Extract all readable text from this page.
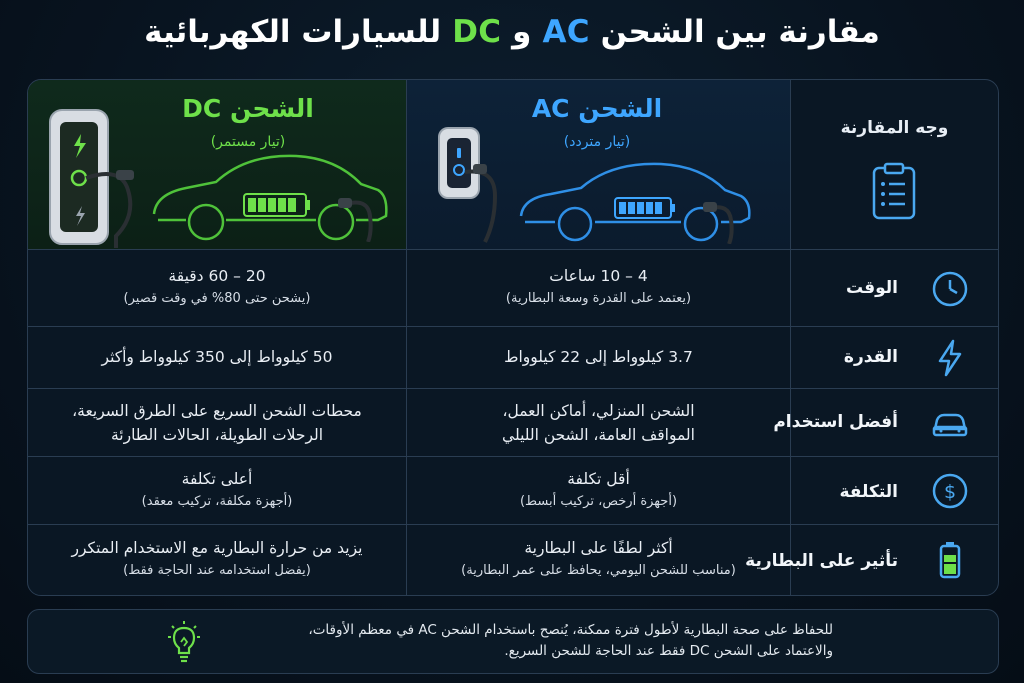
مقارنة بين الشحن AC و DC للسيارات الكهربائية
الشحن DC
(تيار مستمر)
الشحن AC
(تيار متردد)
وجه المقارنة
الوقت
4 – 10 ساعات
(يعتمد على القدرة وسعة البطارية)
20 – 60 دقيقة
(يشحن حتى 80% في وقت قصير)
القدرة
3.7 كيلوواط إلى 22 كيلوواط
50 كيلوواط إلى 350 كيلوواط وأكثر
أفضل استخدام
الشحن المنزلي، أماكن العمل،
المواقف العامة، الشحن الليلي
محطات الشحن السريع على الطرق السريعة،
الرحلات الطويلة، الحالات الطارئة
التكلفة $
أقل تكلفة
(أجهزة أرخص، تركيب أبسط)
أعلى تكلفة
(أجهزة مكلفة، تركيب معقد)
تأثير على البطارية
أكثر لطفًا على البطارية
(مناسب للشحن اليومي، يحافظ على عمر البطارية)
يزيد من حرارة البطارية مع الاستخدام المتكرر
(يفضل استخدامه عند الحاجة فقط)
للحفاظ على صحة البطارية لأطول فترة ممكنة، يُنصح باستخدام الشحن AC في معظم الأوقات،
والاعتماد على الشحن DC فقط عند الحاجة للشحن السريع.
